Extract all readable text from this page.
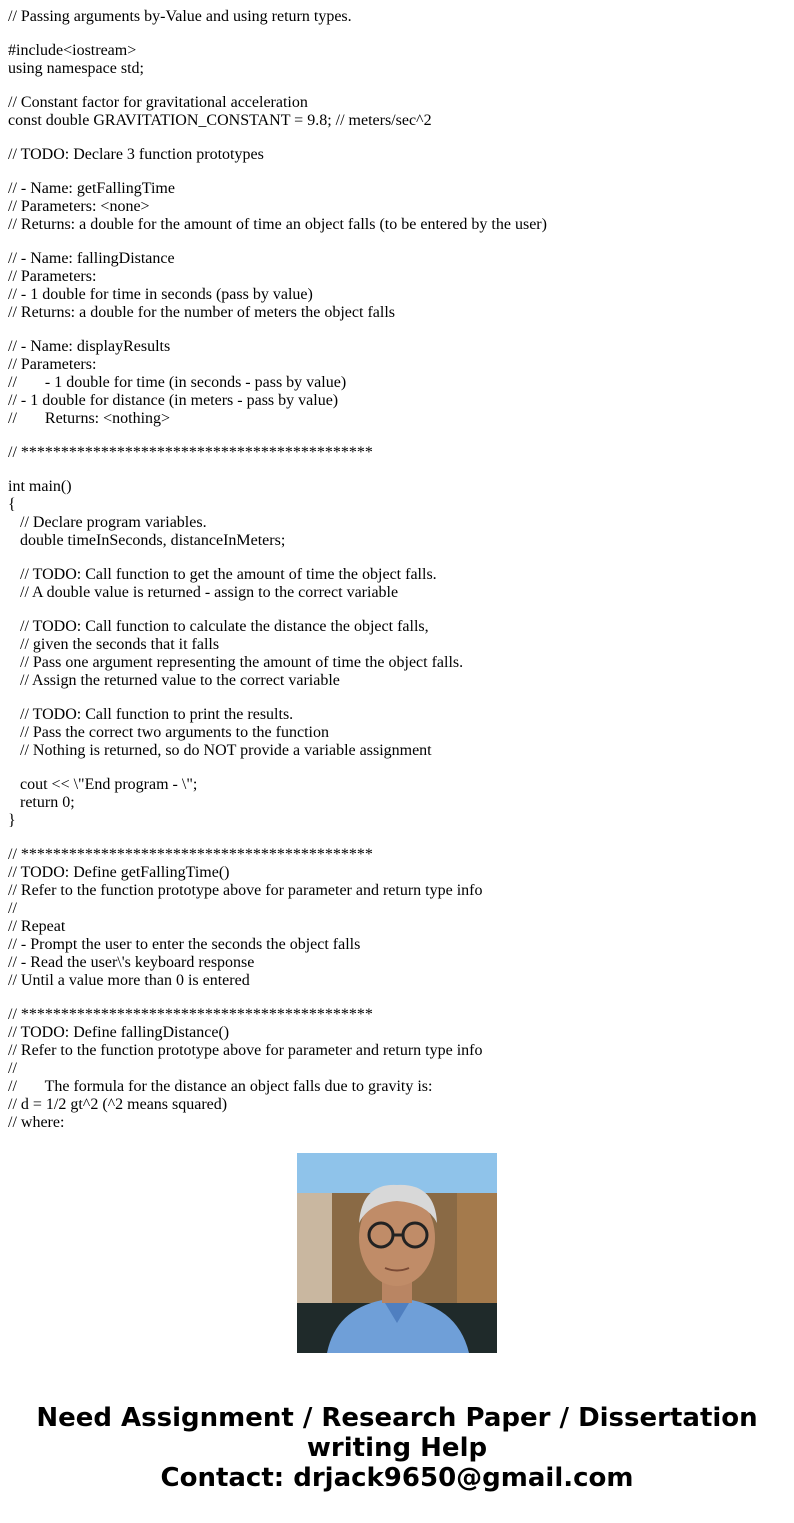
// Passing arguments by-Value and using return types.

#include<iostream>
using namespace std;

// Constant factor for gravitational acceleration
const double GRAVITATION_CONSTANT = 9.8; // meters/sec^2

// TODO: Declare 3 function prototypes

// - Name: getFallingTime
// Parameters: <none>
// Returns: a double for the amount of time an object falls (to be entered by the user)

// - Name: fallingDistance
// Parameters:
// - 1 double for time in seconds (pass by value)
// Returns: a double for the number of meters the object falls

// - Name: displayResults
// Parameters:
//       - 1 double for time (in seconds - pass by value)
// - 1 double for distance (in meters - pass by value)
//       Returns: <nothing>

// ********************************************

int main()
{
// Declare program variables.
double timeInSeconds, distanceInMeters;

// TODO: Call function to get the amount of time the object falls.
// A double value is returned - assign to the correct variable

// TODO: Call function to calculate the distance the object falls,
// given the seconds that it falls
// Pass one argument representing the amount of time the object falls.
// Assign the returned value to the correct variable

// TODO: Call function to print the results.
// Pass the correct two arguments to the function
// Nothing is returned, so do NOT provide a variable assignment

cout << \"End program - \";
return 0;
}

// ********************************************
// TODO: Define getFallingTime()
// Refer to the function prototype above for parameter and return type info
//
// Repeat
// - Prompt the user to enter the seconds the object falls
// - Read the user\'s keyboard response
// Until a value more than 0 is entered

// ********************************************
// TODO: Define fallingDistance()
// Refer to the function prototype above for parameter and return type info
//
//       The formula for the distance an object falls due to gravity is:
// d = 1/2 gt^2 (^2 means squared)
// where:

Need Assignment / Research Paper / Dissertation
writing Help
Contact: drjack9650@gmail.com
